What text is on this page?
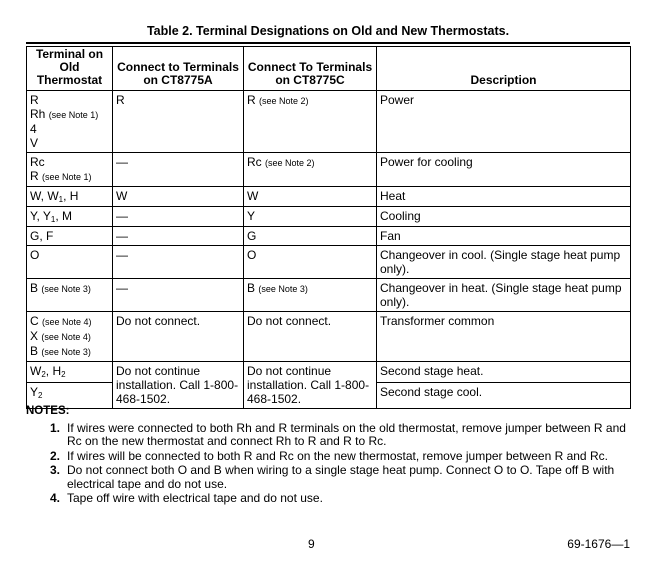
Table 2. Terminal Designations on Old and New Thermostats.
Terminal on Old Thermostat	Connect to Terminals on CT8775A	Connect To Terminals on CT8775C	Description

R
Rh (see Note 1)
4
V	R	R (see Note 2)	Power

Rc
R (see Note 1)	—	Rc (see Note 2)	Power for cooling
W, $W_1$, H	W	W	Heat
Y, $Y_1$, M	—	Y	Cooling
G, F	—	G	Fan
O	—	O	Changeover in cool. (Single stage heat pump only).
B (see Note 3)	—	B (see Note 3)	Changeover in heat. (Single stage heat pump only).

C (see Note 4)
X (see Note 4)
B (see Note 3)	Do not connect.	Do not connect.	Transformer common
$W_2$, $H_2$	Do not continue installation. Call 1-800-468-1502.	Do not continue installation. Call 1-800-468-1502.	Second stage heat.
$Y_2$			Second stage cool.
NOTES:
1. If wires were connected to both Rh and R terminals on the old thermostat, remove jumper between R and Rc on the new thermostat and connect Rh to R and R to Rc.
2. If wires will be connected to both R and Rc on the new thermostat, remove jumper between R and Rc.
3. Do not connect both O and B when wiring to a single stage heat pump. Connect O to O. Tape off B with electrical tape and do not use.
4. Tape off wire with electrical tape and do not use.
9	69-1676—1
